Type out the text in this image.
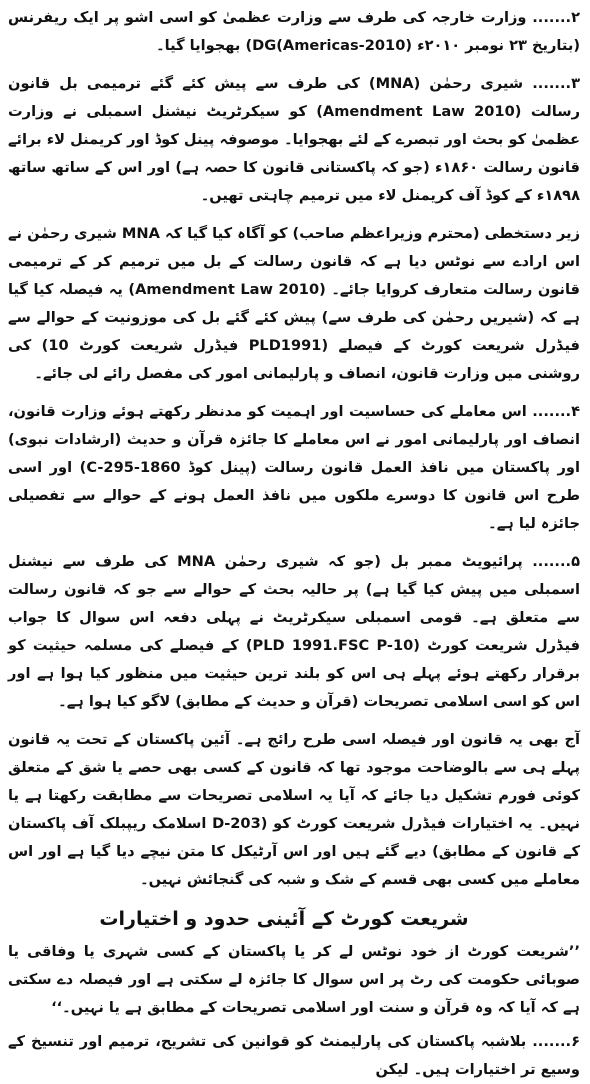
۲....... وزارت خارجہ کی طرف سے وزارت عظمیٰ کو اسی اشو پر ایک ریفرنس (بتاریخ ۲۳ نومبر ۲۰۱۰ء DG(Americas-2010)) بھجوایا گیا۔

۳....... شیری رحمٰن (MNA) کی طرف سے پیش کئے گئے ترمیمی بل قانون رسالت (Amendment Law 2010) کو سیکرٹریٹ نیشنل اسمبلی نے وزارت عظمیٰ کو بحث اور تبصرے کے لئے بھجوایا۔ موصوفہ پینل کوڈ اور کریمنل لاء برائے قانون رسالت ۱۸۶۰ء (جو کہ پاکستانی قانون کا حصہ ہے) اور اس کے ساتھ ساتھ ۱۸۹۸ء کے کوڈ آف کریمنل لاء میں ترمیم چاہتی تھیں۔

زیر دستخطی (محترم وزیراعظم صاحب) کو آگاہ کیا گیا کہ MNA شیری رحمٰن نے اس ارادے سے نوٹس دیا ہے کہ قانون رسالت کے بل میں ترمیم کر کے ترمیمی قانون رسالت متعارف کروایا جائے۔ (Amendment Law 2010) یہ فیصلہ کیا گیا ہے کہ (شیریں رحمٰن کی طرف سے) پیش کئے گئے بل کی موزونیت کے حوالے سے فیڈرل شریعت کورٹ کے فیصلے (PLD1991 فیڈرل شریعت کورٹ 10) کی روشنی میں وزارت قانون، انصاف و پارلیمانی امور کی مفصل رائے لی جائے۔

۴....... اس معاملے کی حساسیت اور اہمیت کو مدنظر رکھتے ہوئے وزارت قانون، انصاف اور پارلیمانی امور نے اس معاملے کا جائزہ قرآن و حدیث (ارشادات نبوی) اور پاکستان میں نافذ العمل قانون رسالت (پینل کوڈ 1860-C-295) اور اسی طرح اس قانون کا دوسرے ملکوں میں نافذ العمل ہونے کے حوالے سے تفصیلی جائزہ لیا ہے۔

۵....... پرائیویٹ ممبر بل (جو کہ شیری رحمٰن MNA کی طرف سے نیشنل اسمبلی میں پیش کیا گیا ہے) پر حالیہ بحث کے حوالے سے جو کہ قانون رسالت سے متعلق ہے۔ قومی اسمبلی سیکرٹریٹ نے پہلی دفعہ اس سوال کا جواب فیڈرل شریعت کورٹ (PLD 1991.FSC P-10) کے فیصلے کی مسلمہ حیثیت کو برقرار رکھتے ہوئے پہلے ہی اس کو بلند ترین حیثیت میں منظور کیا ہوا ہے اور اس کو اسی اسلامی تصریحات (قرآن و حدیث کے مطابق) لاگو کیا ہوا ہے۔

آج بھی یہ قانون اور فیصلہ اسی طرح رائج ہے۔ آئین پاکستان کے تحت یہ قانون پہلے ہی سے بالوضاحت موجود تھا کہ قانون کے کسی بھی حصے یا شق کے متعلق کوئی فورم تشکیل دیا جائے کہ آیا یہ اسلامی تصریحات سے مطابقت رکھتا ہے یا نہیں۔ یہ اختیارات فیڈرل شریعت کورٹ کو (203-D اسلامک ریپبلک آف پاکستان کے قانون کے مطابق) دیے گئے ہیں اور اس آرٹیکل کا متن نیچے دیا گیا ہے اور اس معاملے میں کسی بھی قسم کے شک و شبہ کی گنجائش نہیں۔

شریعت کورٹ کے آئینی حدود و اختیارات

’’شریعت کورٹ از خود نوٹس لے کر یا پاکستان کے کسی شہری یا وفاقی یا صوبائی حکومت کی رٹ پر اس سوال کا جائزہ لے سکتی ہے اور فیصلہ دے سکتی ہے کہ آیا کہ وہ قرآن و سنت اور اسلامی تصریحات کے مطابق ہے یا نہیں۔‘‘

۶....... بلاشبہ پاکستان کی پارلیمنٹ کو قوانین کی تشریح، ترمیم اور تنسیخ کے وسیع تر اختیارات ہیں۔ لیکن
